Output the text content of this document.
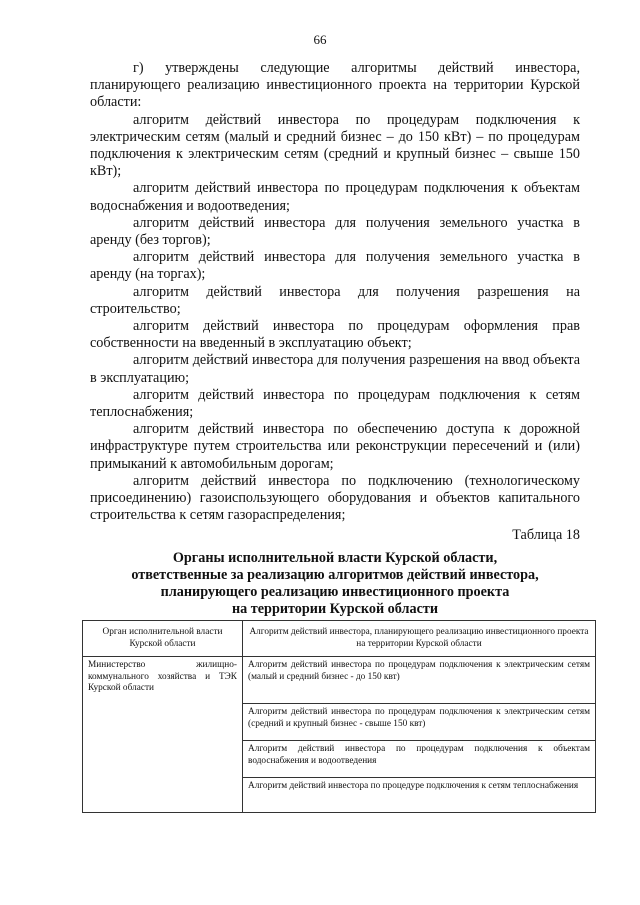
66

г) утверждены следующие алгоритмы действий инвестора, планирующего реализацию инвестиционного проекта на территории Курской области:

алгоритм действий инвестора по процедурам подключения к электрическим сетям (малый и средний бизнес – до 150 кВт) – по процедурам подключения к электрическим сетям (средний и крупный бизнес – свыше 150 кВт);

алгоритм действий инвестора по процедурам подключения к объектам водоснабжения и водоотведения;

алгоритм действий инвестора для получения земельного участка в аренду (без торгов);

алгоритм действий инвестора для получения земельного участка в аренду (на торгах);

алгоритм действий инвестора для получения разрешения на строительство;

алгоритм действий инвестора по процедурам оформления прав собственности на введенный в эксплуатацию объект;

алгоритм действий инвестора для получения разрешения на ввод объекта в эксплуатацию;

алгоритм действий инвестора по процедурам подключения к сетям теплоснабжения;

алгоритм действий инвестора по обеспечению доступа к дорожной инфраструктуре путем строительства или реконструкции пересечений и (или) примыканий к автомобильным дорогам;

алгоритм действий инвестора по подключению (технологическому присоединению) газоиспользующего оборудования и объектов капитального строительства к сетям газораспределения;

Таблица 18

Органы исполнительной власти Курской области,
ответственные за реализацию алгоритмов действий инвестора,
планирующего реализацию инвестиционного проекта
на территории Курской области

Орган исполнительной власти Курской области	Алгоритм действий инвестора, планирующего реализацию инвестиционного проекта на территории Курской области
Министерство жилищно-коммунального хозяйства и ТЭК Курской области	Алгоритм действий инвестора по процедурам подключения к электрическим сетям (малый и средний бизнес - до 150 квт)
	Алгоритм действий инвестора по процедурам подключения к электрическим сетям (средний и крупный бизнес - свыше 150 квт)
	Алгоритм действий инвестора по процедурам подключения к объектам водоснабжения и водоотведения
	Алгоритм действий инвестора по процедуре подключения к сетям теплоснабжения
